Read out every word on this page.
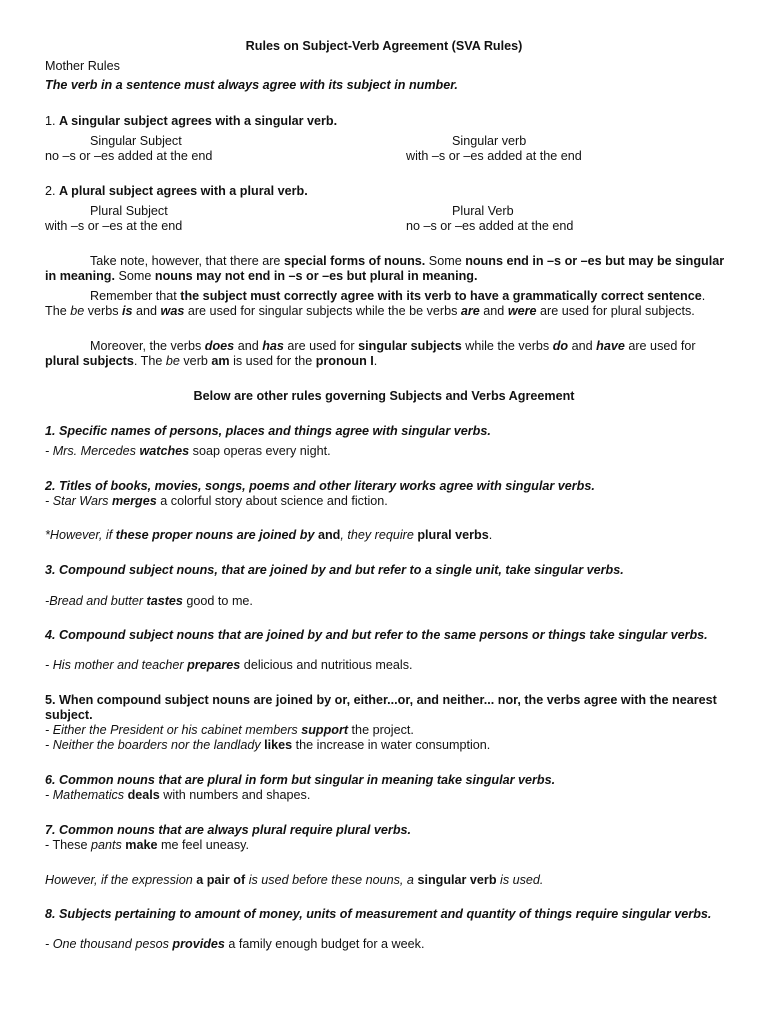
Rules on Subject-Verb Agreement (SVA Rules)

Mother Rules

The verb in a sentence must always agree with its subject in number.

1. A singular subject agrees with a singular verb.

Singular Subject	Singular verb

no –s or –es added at the end	with –s or –es added at the end

2. A plural subject agrees with a plural verb.

Plural Subject	Plural Verb

with –s or –es at the end	no –s or –es added at the end

Take note, however, that there are special forms of nouns. Some nouns end in –s or –es but may be singular in meaning. Some nouns may not end in –s or –es but plural in meaning.

Remember that the subject must correctly agree with its verb to have a grammatically correct sentence. The be verbs is and was are used for singular subjects while the be verbs are and were are used for plural subjects.

Moreover, the verbs does and has are used for singular subjects while the verbs do and have are used for plural subjects. The be verb am is used for the pronoun I.

Below are other rules governing Subjects and Verbs Agreement

1. Specific names of persons, places and things agree with singular verbs.

- Mrs. Mercedes watches soap operas every night.

2. Titles of books, movies, songs, poems and other literary works agree with singular verbs.

- Star Wars merges a colorful story about science and fiction.

*However, if these proper nouns are joined by and, they require plural verbs.

3. Compound subject nouns, that are joined by and but refer to a single unit, take singular verbs.

-Bread and butter tastes good to me.

4. Compound subject nouns that are joined by and but refer to the same persons or things take singular verbs.

- His mother and teacher prepares delicious and nutritious meals.

5. When compound subject nouns are joined by or, either...or, and neither... nor, the verbs agree with the nearest subject.

- Either the President or his cabinet members support the project.

- Neither the boarders nor the landlady likes the increase in water consumption.

6. Common nouns that are plural in form but singular in meaning take singular verbs.

- Mathematics deals with numbers and shapes.

7. Common nouns that are always plural require plural verbs.

- These pants make me feel uneasy.

However, if the expression a pair of is used before these nouns, a singular verb is used.

8. Subjects pertaining to amount of money, units of measurement and quantity of things require singular verbs.

- One thousand pesos provides a family enough budget for a week.
